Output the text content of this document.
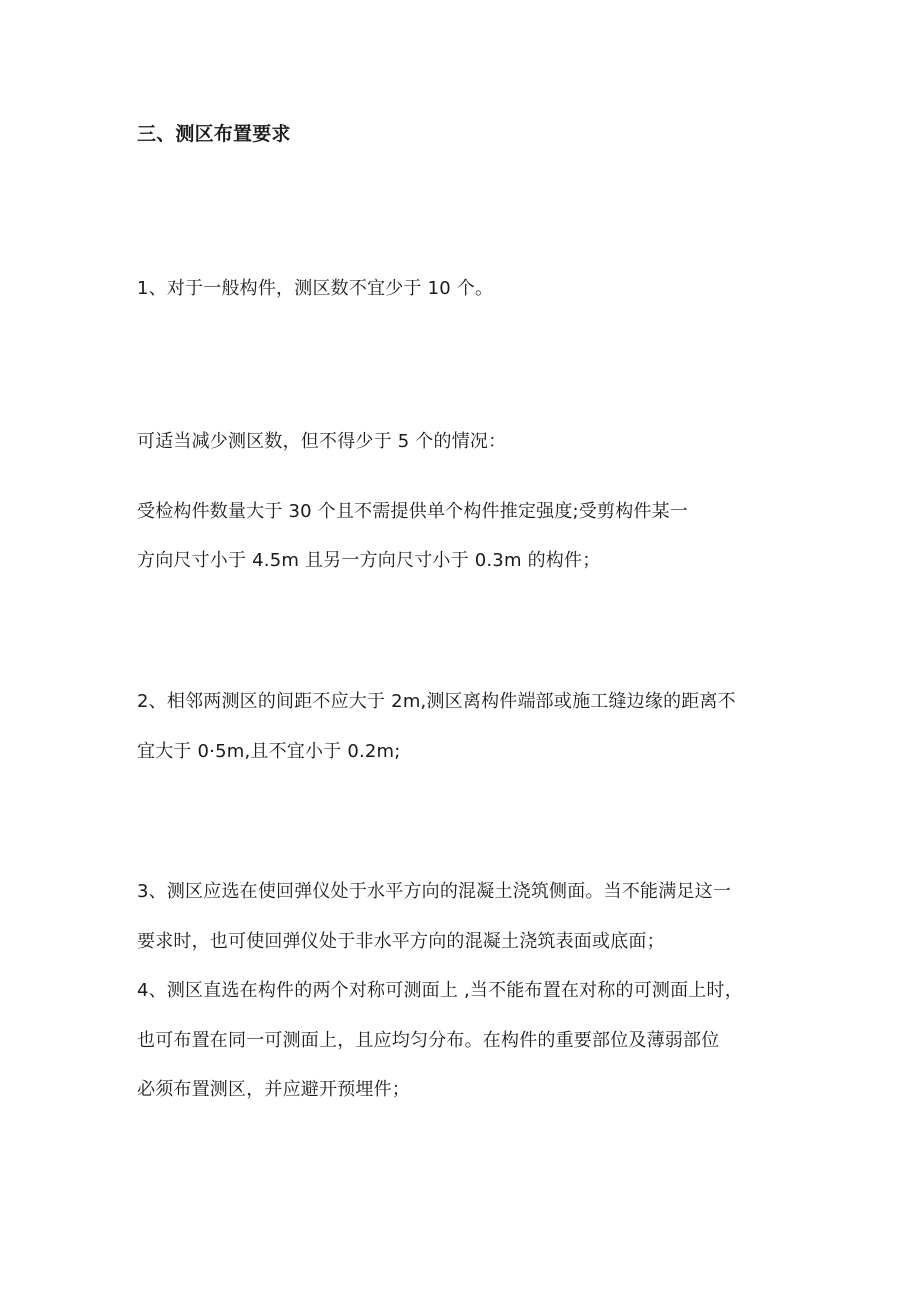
三、测区布置要求
1、对于一般构件，测区数不宜少于 10 个。
可适当减少测区数，但不得少于 5 个的情况：
受检构件数量大于 30 个且不需提供单个构件推定强度;受剪构件某一
方向尺寸小于 4.5m 且另一方向尺寸小于 0.3m 的构件；
2、相邻两测区的间距不应大于 2m,测区离构件端部或施工缝边缘的距离不
宜大于 0·5m,且不宜小于 0.2m;
3、测区应选在使回弹仪处于水平方向的混凝土浇筑侧面。当不能满足这一
要求时，也可使回弹仪处于非水平方向的混凝土浇筑表面或底面；
4、测区直选在构件的两个对称可测面上 ,当不能布置在对称的可测面上时，
也可布置在同一可测面上，且应均匀分布。在构件的重要部位及薄弱部位
必须布置测区，并应避开预埋件；
